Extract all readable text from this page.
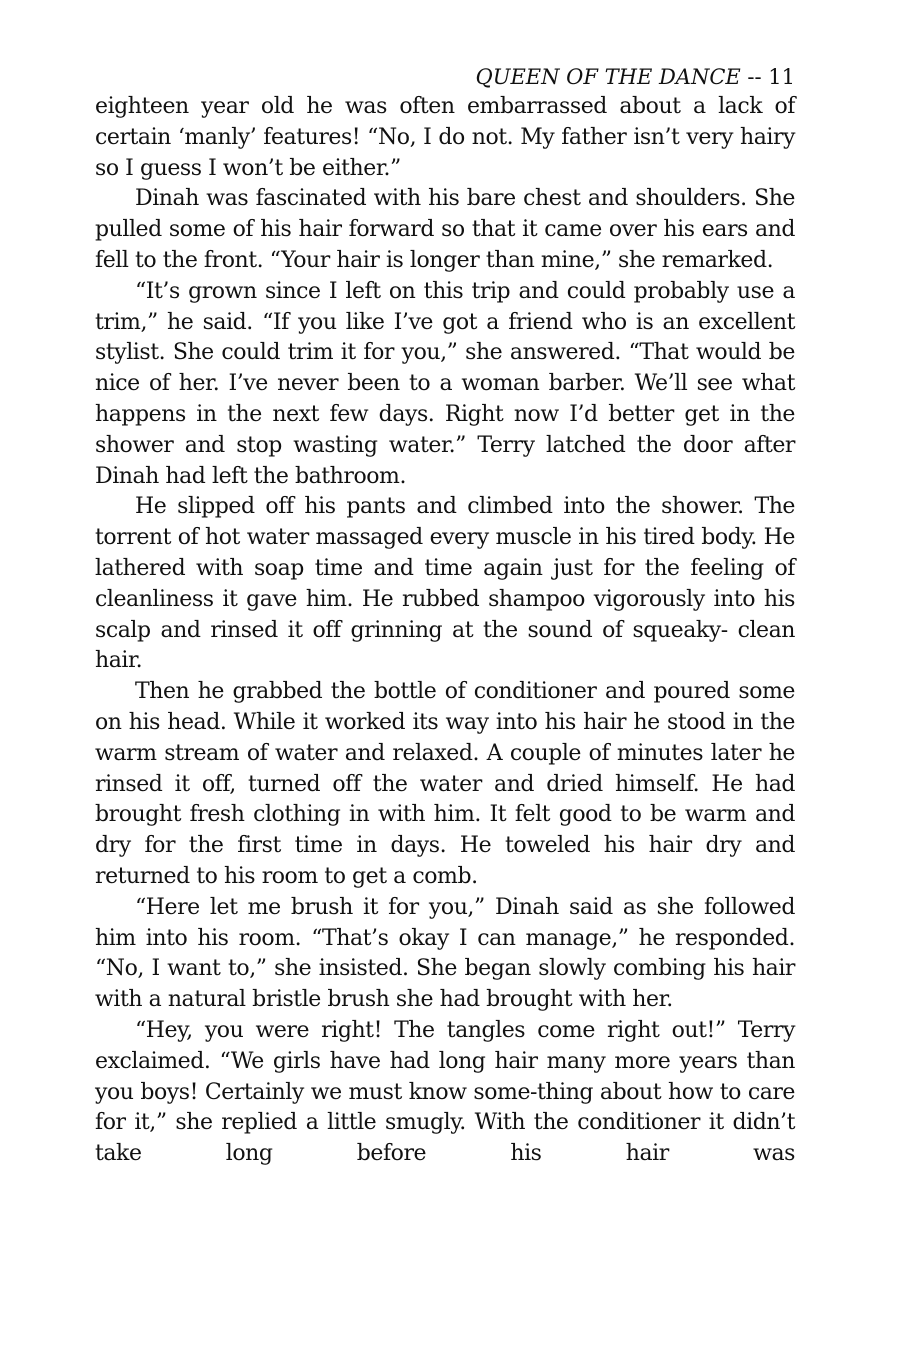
QUEEN OF THE DANCE -- 11

eighteen year old he was often embarrassed about a lack of certain ‘manly’ features! “No, I do not. My father isn’t very hairy so I guess I won’t be either.”

Dinah was fascinated with his bare chest and shoulders. She pulled some of his hair forward so that it came over his ears and fell to the front. “Your hair is longer than mine,” she remarked.

“It’s grown since I left on this trip and could probably use a trim,” he said. “If you like I’ve got a friend who is an excellent stylist. She could trim it for you,” she answered. “That would be nice of her. I’ve never been to a woman barber. We’ll see what happens in the next few days. Right now I’d better get in the shower and stop wasting water.” Terry latched the door after Dinah had left the bathroom.

He slipped off his pants and climbed into the shower. The torrent of hot water massaged every muscle in his tired body. He lathered with soap time and time again just for the feeling of cleanliness it gave him. He rubbed shampoo vigorously into his scalp and rinsed it off grinning at the sound of squeaky- clean hair.

Then he grabbed the bottle of conditioner and poured some on his head. While it worked its way into his hair he stood in the warm stream of water and relaxed. A couple of minutes later he rinsed it off, turned off the water and dried himself. He had brought fresh clothing in with him. It felt good to be warm and dry for the first time in days. He toweled his hair dry and returned to his room to get a comb.

“Here let me brush it for you,” Dinah said as she followed him into his room. “That’s okay I can manage,” he responded. “No, I want to,” she insisted. She began slowly combing his hair with a natural bristle brush she had brought with her.

“Hey, you were right! The tangles come right out!” Terry exclaimed. “We girls have had long hair many more years than you boys! Certainly we must know some-thing about how to care for it,” she replied a little smugly. With the conditioner it didn’t take long before his hair was
